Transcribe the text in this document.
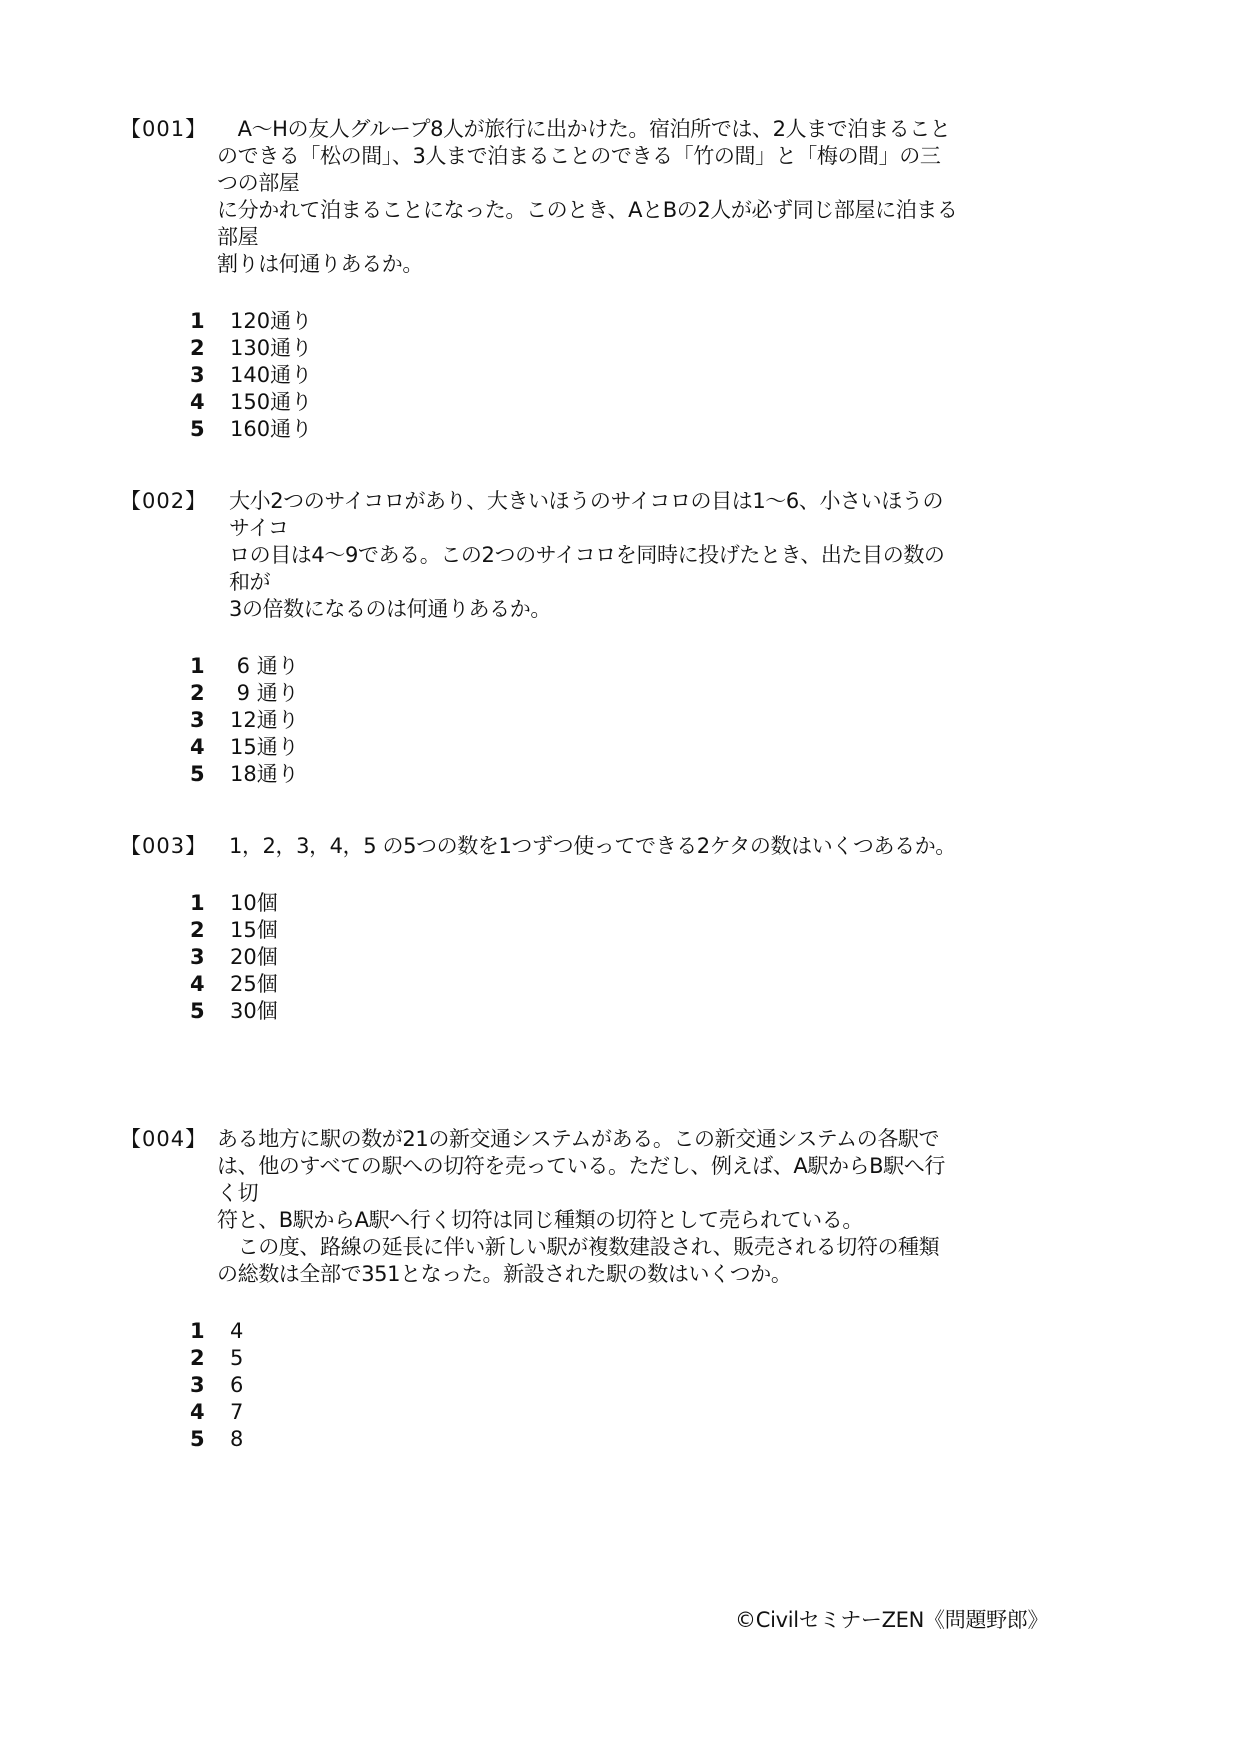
【001】	　A～Hの友人グループ8人が旅行に出かけた。宿泊所では、2人まで泊まること
のできる「松の間」、3人まで泊まることのできる「竹の間」と「梅の間」の三つの部屋
に分かれて泊まることになった。このとき、AとBの2人が必ず同じ部屋に泊まる部屋
割りは何通りあるか。
1	120通り
2	130通り
3	140通り
4	150通り
5	160通り
【002】	大小2つのサイコロがあり、大きいほうのサイコロの目は1～6、小さいほうのサイコ
ロの目は4～9である。この2つのサイコロを同時に投げたとき、出た目の数の和が
3の倍数になるのは何通りあるか。
1	6 通り
2	9 通り
3	12通り
4	15通り
5	18通り
【003】	1，2，3，4，5 の5つの数を1つずつ使ってできる2ケタの数はいくつあるか。
1	10個
2	15個
3	20個
4	25個
5	30個
【004】 ある地方に駅の数が21の新交通システムがある。この新交通システムの各駅で
は、他のすべての駅への切符を売っている。ただし、例えば、A駅からB駅へ行く切
符と、B駅からA駅へ行く切符は同じ種類の切符として売られている。
　この度、路線の延長に伴い新しい駅が複数建設され、販売される切符の種類
の総数は全部で351となった。新設された駅の数はいくつか。
1	4
2	5
3	6
4	7
5	8
©CivilセミナーZEN《問題野郎》
